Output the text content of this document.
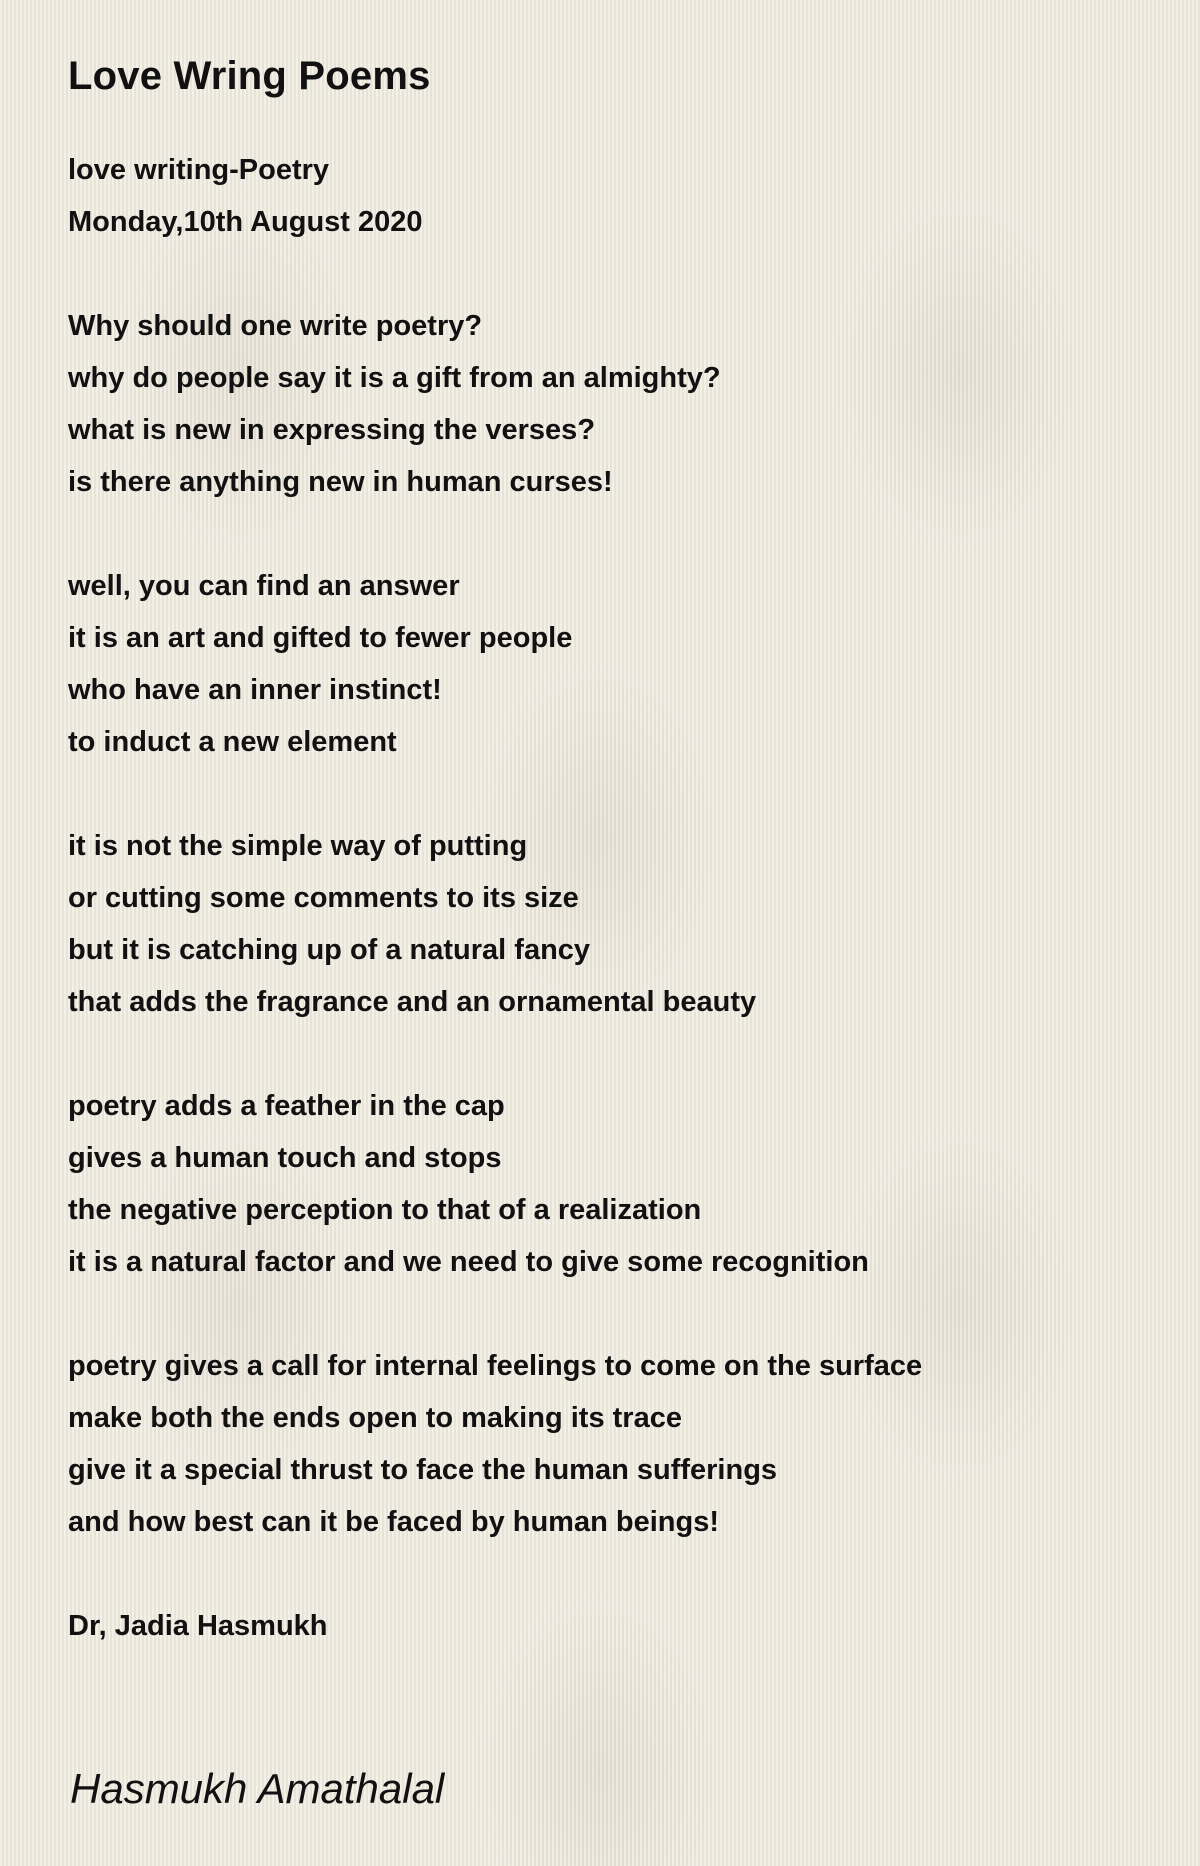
Love Wring Poems
love writing-Poetry
Monday,10th August 2020
Why should one write poetry?
why do people say it is a gift from an almighty?
what is new in expressing the verses?
is there anything new in human curses!
well, you can find an answer
it is an art and gifted to fewer people
who have an inner instinct!
to induct a new element
it is not the simple way of putting
or cutting some comments to its size
but it is catching up of a natural fancy
that adds the fragrance and an ornamental beauty
poetry adds a feather in the cap
gives a human touch and stops
the negative perception to that of a realization
it is a natural factor and we need to give some recognition
poetry gives a call for internal feelings to come on the surface
make both the ends open to making its trace
give it a special thrust to face the human sufferings
and how best can it be faced by human beings!
Dr, Jadia Hasmukh
Hasmukh Amathalal
